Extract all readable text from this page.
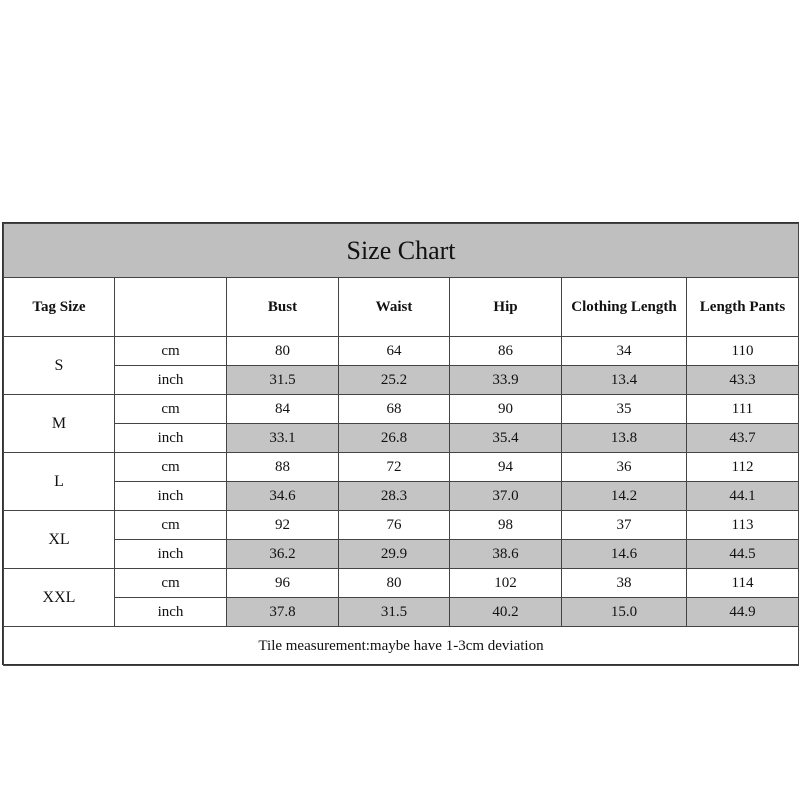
Size Chart						
Tag Size		Bust	Waist	Hip	Clothing Length	Length Pants
S	cm	80	64	86	34	110
	inch	31.5	25.2	33.9	13.4	43.3
M	cm	84	68	90	35	111
	inch	33.1	26.8	35.4	13.8	43.7
L	cm	88	72	94	36	112
	inch	34.6	28.3	37.0	14.2	44.1
XL	cm	92	76	98	37	113
	inch	36.2	29.9	38.6	14.6	44.5
XXL	cm	96	80	102	38	114
	inch	37.8	31.5	40.2	15.0	44.9
Tile measurement:maybe have 1-3cm deviation						
